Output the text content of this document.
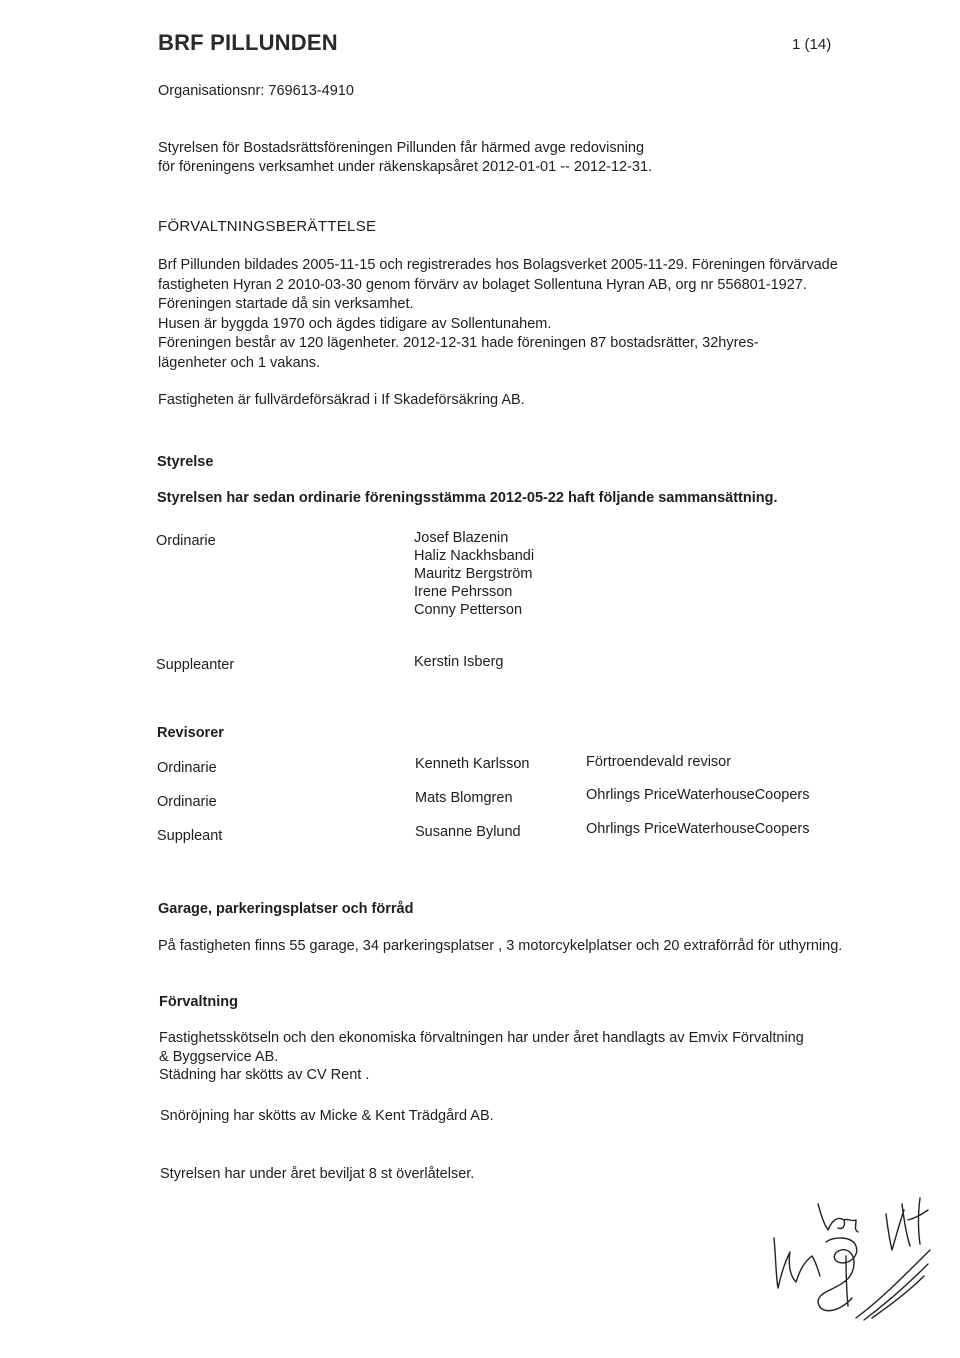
BRF PILLUNDEN	1 (14)
Organisationsnr: 769613-4910
Styrelsen för Bostadsrättsföreningen Pillunden får härmed avge redovisning
för föreningens verksamhet under räkenskapsåret 2012-01-01 -- 2012-12-31.
FÖRVALTNINGSBERÄTTELSE
Brf Pillunden bildades 2005-11-15 och registrerades hos Bolagsverket 2005-11-29. Föreningen förvärvade
fastigheten Hyran 2 2010-03-30 genom förvärv av bolaget Sollentuna Hyran AB, org nr 556801-1927.
Föreningen startade då sin verksamhet.
Husen är byggda 1970 och ägdes tidigare av Sollentunahem.
Föreningen består av 120 lägenheter. 2012-12-31 hade föreningen 87 bostadsrätter, 32hyres-
lägenheter och 1 vakans.
Fastigheten är fullvärdeförsäkrad i If Skadeförsäkring AB.
Styrelse
Styrelsen har sedan ordinarie föreningsstämma 2012-05-22 haft följande sammansättning.
Ordinarie	Josef Blazenin
Haliz Nackhsbandi
Mauritz Bergström
Irene Pehrsson
Conny Petterson
Suppleanter	Kerstin Isberg
Revisorer
Ordinarie	Kenneth Karlsson	Förtroendevald revisor
Ordinarie	Mats Blomgren	Ohrlings PriceWaterhouseCoopers
Suppleant	Susanne Bylund	Ohrlings PriceWaterhouseCoopers
Garage, parkeringsplatser och förråd
På fastigheten finns 55 garage, 34 parkeringsplatser , 3 motorcykelplatser och 20 extraförråd för uthyrning.
Förvaltning
Fastighetsskötseln och den ekonomiska förvaltningen har under året handlagts av Emvix Förvaltning
& Byggservice AB.
Städning har skötts av CV Rent .
Snöröjning har skötts av Micke & Kent Trädgård AB.
Styrelsen har under året beviljat 8 st överlåtelser.
